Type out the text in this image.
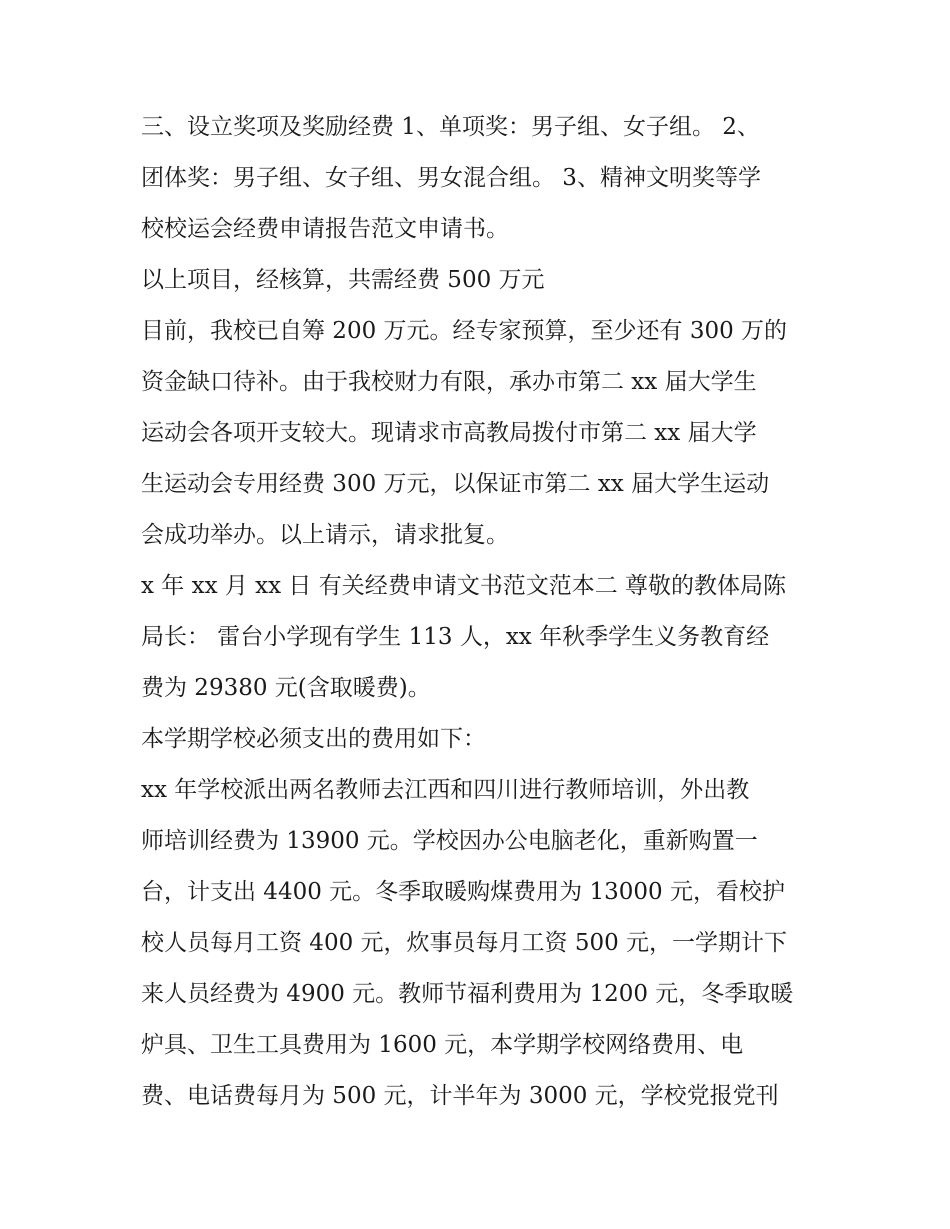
三、设立奖项及奖励经费 1、单项奖：男子组、女子组。 2、
团体奖：男子组、女子组、男女混合组。 3、精神文明奖等学
校校运会经费申请报告范文申请书。
以上项目，经核算，共需经费 500 万元
目前，我校已自筹 200 万元。经专家预算，至少还有 300 万的
资金缺口待补。由于我校财力有限，承办市第二 xx 届大学生
运动会各项开支较大。现请求市高教局拨付市第二 xx 届大学
生运动会专用经费 300 万元，以保证市第二 xx 届大学生运动
会成功举办。以上请示，请求批复。
x 年 xx 月 xx 日 有关经费申请文书范文范本二 尊敬的教体局陈
局长： 雷台小学现有学生 113 人，xx 年秋季学生义务教育经
费为 29380 元(含取暖费)。
本学期学校必须支出的费用如下：
xx 年学校派出两名教师去江西和四川进行教师培训，外出教
师培训经费为 13900 元。学校因办公电脑老化，重新购置一
台，计支出 4400 元。冬季取暖购煤费用为 13000 元，看校护
校人员每月工资 400 元，炊事员每月工资 500 元，一学期计下
来人员经费为 4900 元。教师节福利费用为 1200 元，冬季取暖
炉具、卫生工具费用为 1600 元，本学期学校网络费用、电
费、电话费每月为 500 元，计半年为 3000 元，学校党报党刊
